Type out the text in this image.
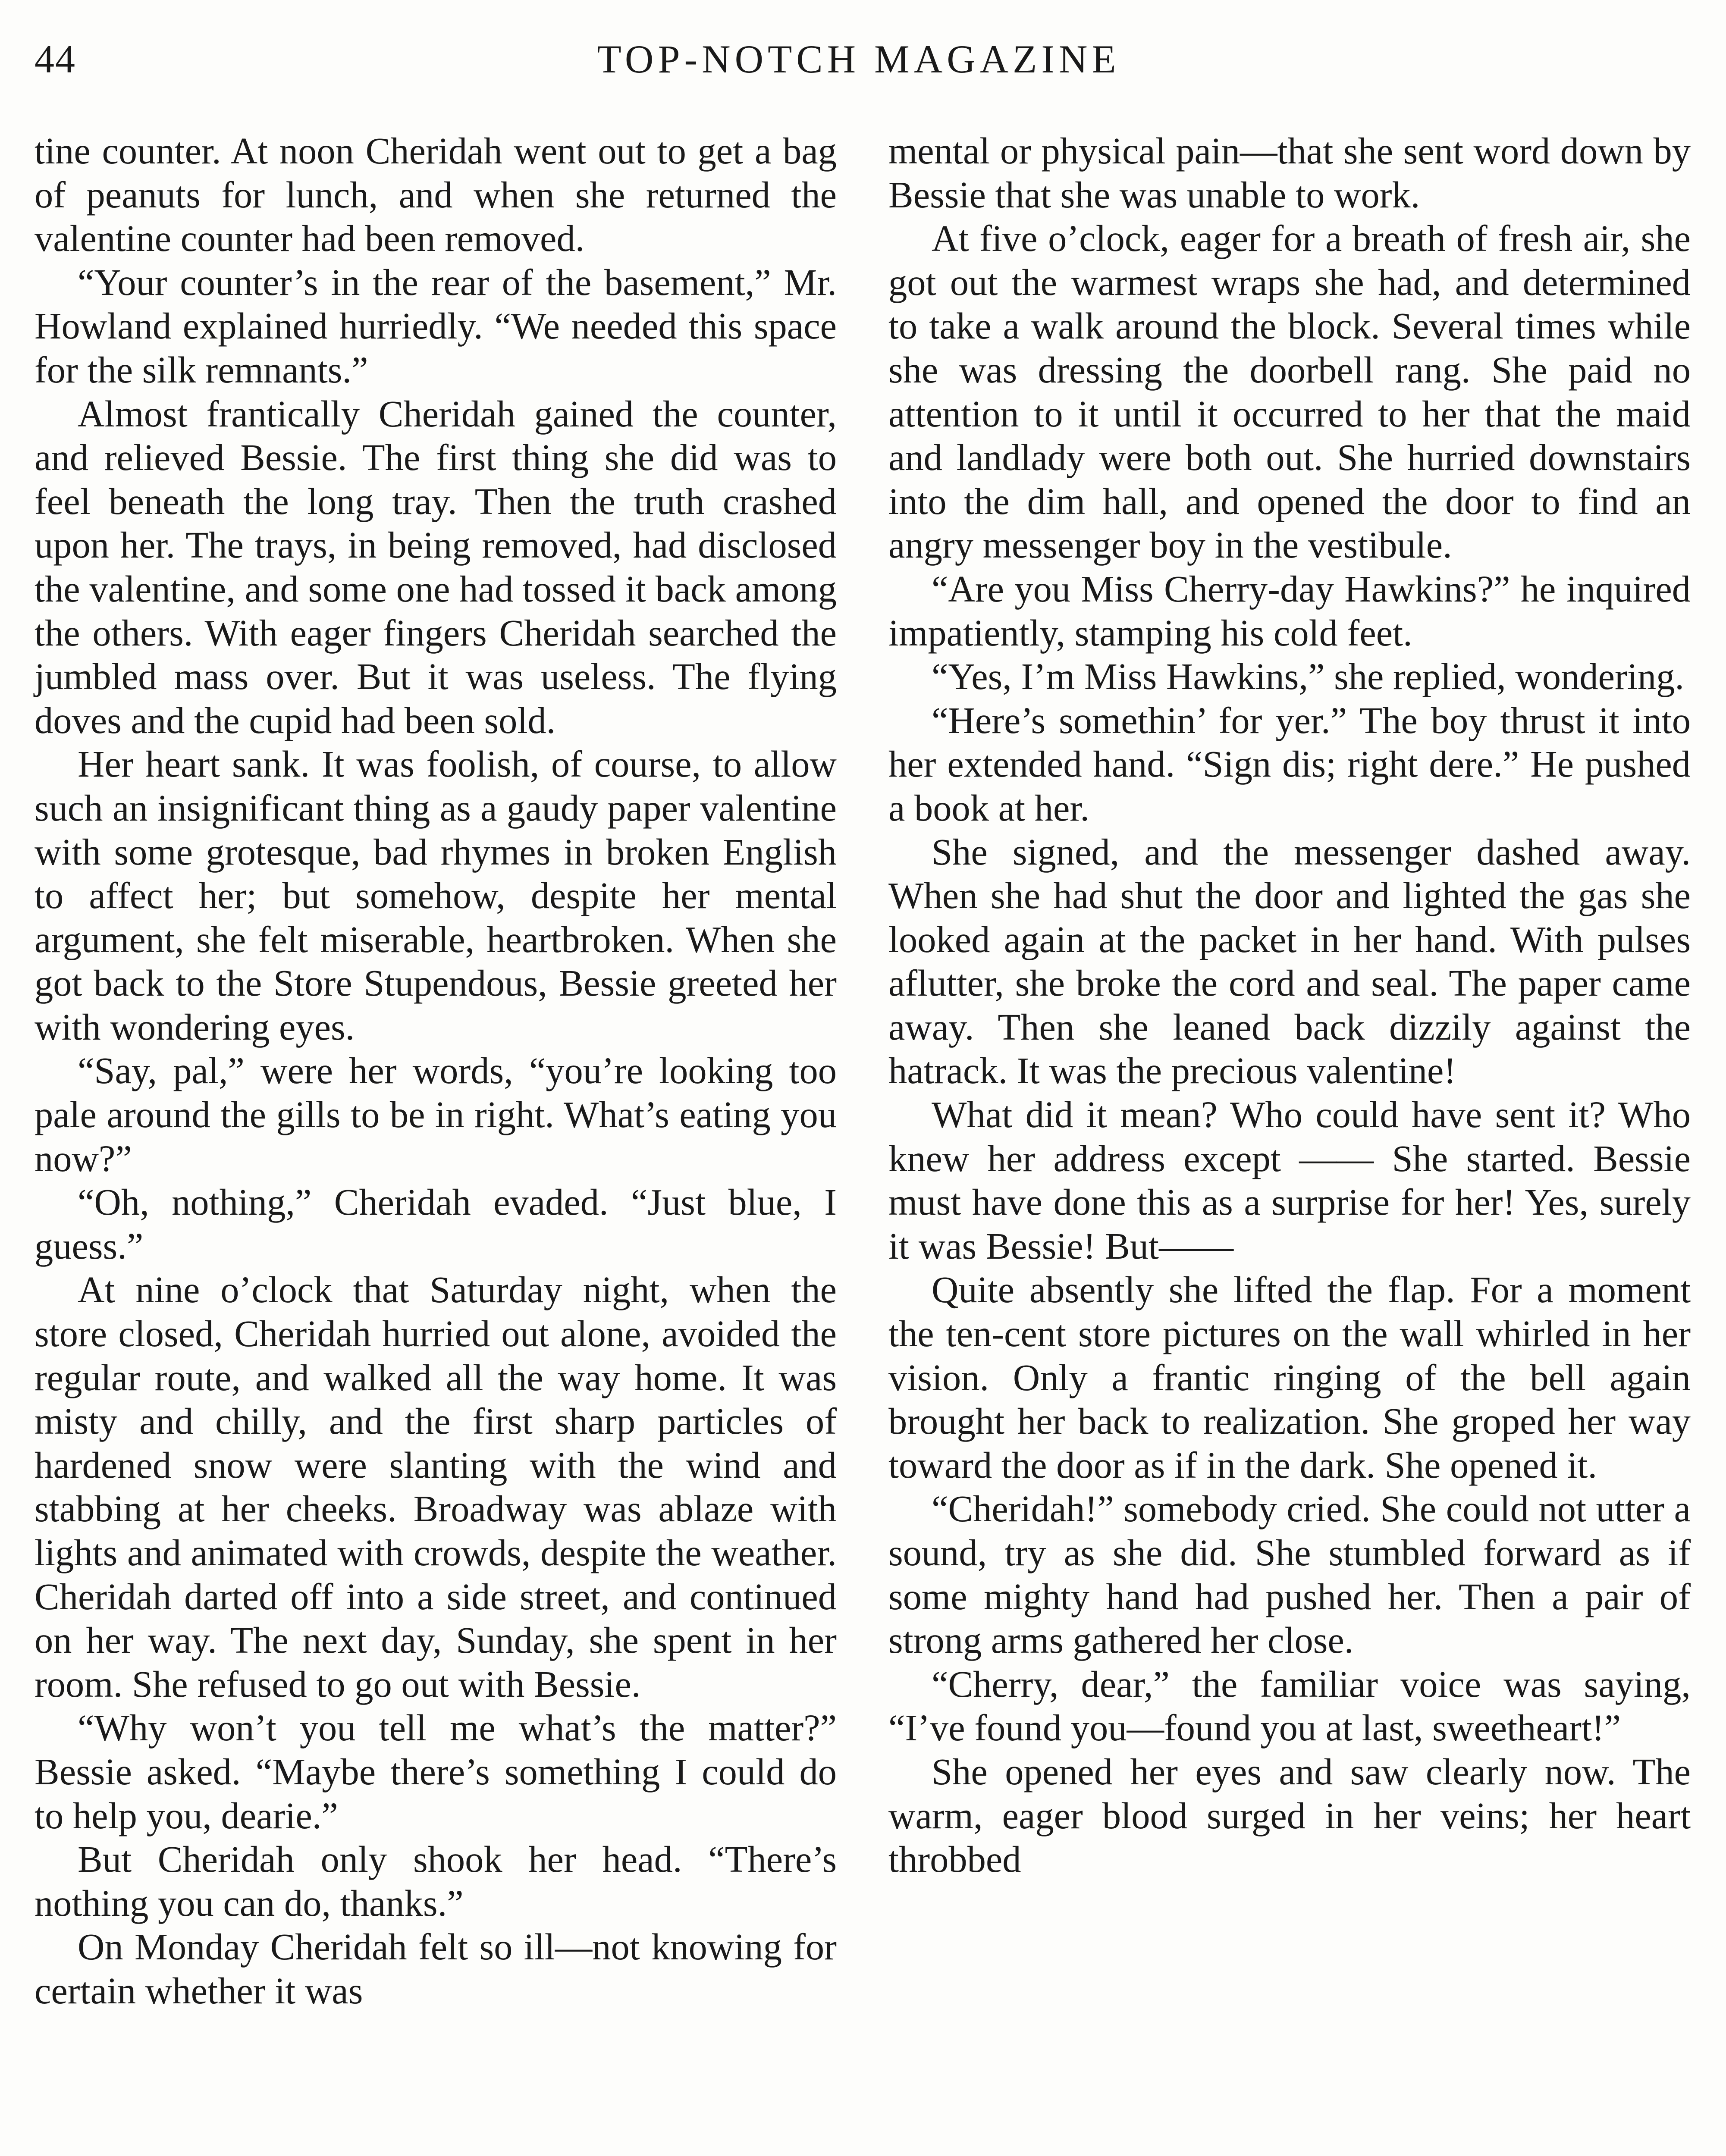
44	TOP-NOTCH MAGAZINE

tine counter. At noon Cheridah went out to get a bag of peanuts for lunch, and when she returned the valentine counter had been removed.

“Your counter’s in the rear of the basement,” Mr. Howland explained hurriedly. “We needed this space for the silk remnants.”

Almost frantically Cheridah gained the counter, and relieved Bessie. The first thing she did was to feel beneath the long tray. Then the truth crashed upon her. The trays, in being removed, had disclosed the valentine, and some one had tossed it back among the others. With eager fingers Cheridah searched the jumbled mass over. But it was useless. The flying doves and the cupid had been sold.

Her heart sank. It was foolish, of course, to allow such an insignificant thing as a gaudy paper valentine with some grotesque, bad rhymes in broken English to affect her; but somehow, despite her mental argument, she felt miserable, heartbroken. When she got back to the Store Stupendous, Bessie greeted her with wondering eyes.

“Say, pal,” were her words, “you’re looking too pale around the gills to be in right. What’s eating you now?”

“Oh, nothing,” Cheridah evaded. “Just blue, I guess.”

At nine o’clock that Saturday night, when the store closed, Cheridah hurried out alone, avoided the regular route, and walked all the way home. It was misty and chilly, and the first sharp particles of hardened snow were slanting with the wind and stabbing at her cheeks. Broadway was ablaze with lights and animated with crowds, despite the weather. Cheridah darted off into a side street, and continued on her way. The next day, Sunday, she spent in her room. She refused to go out with Bessie.

“Why won’t you tell me what’s the matter?” Bessie asked. “Maybe there’s something I could do to help you, dearie.”

But Cheridah only shook her head. “There’s nothing you can do, thanks.”

On Monday Cheridah felt so ill—not knowing for certain whether it was

mental or physical pain—that she sent word down by Bessie that she was unable to work.

At five o’clock, eager for a breath of fresh air, she got out the warmest wraps she had, and determined to take a walk around the block. Several times while she was dressing the doorbell rang. She paid no attention to it until it occurred to her that the maid and landlady were both out. She hurried downstairs into the dim hall, and opened the door to find an angry messenger boy in the vestibule.

“Are you Miss Cherry-day Hawkins?” he inquired impatiently, stamping his cold feet.

“Yes, I’m Miss Hawkins,” she replied, wondering.

“Here’s somethin’ for yer.” The boy thrust it into her extended hand. “Sign dis; right dere.” He pushed a book at her.

She signed, and the messenger dashed away. When she had shut the door and lighted the gas she looked again at the packet in her hand. With pulses aflutter, she broke the cord and seal. The paper came away. Then she leaned back dizzily against the hatrack. It was the precious valentine!

What did it mean? Who could have sent it? Who knew her address except —— She started. Bessie must have done this as a surprise for her! Yes, surely it was Bessie! But——

Quite absently she lifted the flap. For a moment the ten-cent store pictures on the wall whirled in her vision. Only a frantic ringing of the bell again brought her back to realization. She groped her way toward the door as if in the dark. She opened it.

“Cheridah!” somebody cried. She could not utter a sound, try as she did. She stumbled forward as if some mighty hand had pushed her. Then a pair of strong arms gathered her close.

“Cherry, dear,” the familiar voice was saying, “I’ve found you—found you at last, sweetheart!”

She opened her eyes and saw clearly now. The warm, eager blood surged in her veins; her heart throbbed
